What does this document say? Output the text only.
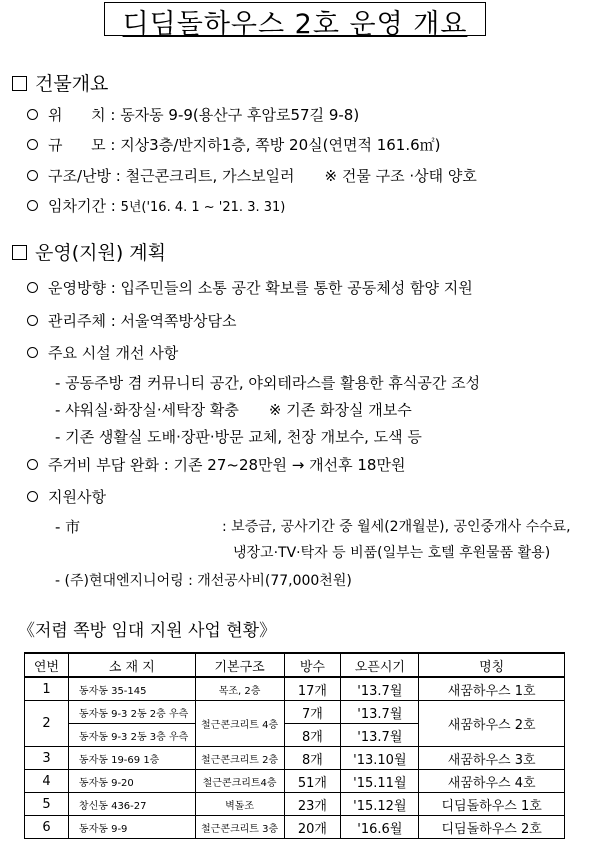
디딤돌하우스 2호 운영 개요
건물개요
위      치 : 동자동 9-9(용산구 후암로57길 9-8)
규      모 : 지상3층/반지하1층, 쪽방 20실(연면적 161.6㎡)
구조/난방 : 철근콘크리트, 가스보일러 ※ 건물 구조 ·상태 양호
임차기간 : 5년('16. 4. 1 ~ '21. 3. 31)
운영(지원) 계획
운영방향 : 입주민들의 소통 공간 확보를 통한 공동체성 함양 지원
관리주체 : 서울역쪽방상담소
주요 시설 개선 사항
- 공동주방 겸 커뮤니티 공간, 야외테라스를 활용한 휴식공간 조성
- 샤워실·화장실·세탁장 확충 ※ 기존 화장실 개보수
- 기존 생활실 도배·장판·방문 교체, 천장 개보수, 도색 등
주거비 부담 완화 : 기존 27~28만원 → 개선후 18만원
지원사항
- 市	: 보증금, 공사기간 중 월세(2개월분), 공인중개사 수수료,
냉장고·TV·탁자 등 비품(일부는 호텔 후원물품 활용)
- (주)현대엔지니어링 : 개선공사비(77,000천원)
《저렴 쪽방 임대 지원 사업 현황》
연번	소 재 지	기본구조	방수	오픈시기	명칭
1	동자동 35-145	목조, 2층	17개	'13.7월	새꿈하우스 1호
2	동자동 9-3 2동 2층 우측	철근콘크리트 4층	7개	'13.7월	새꿈하우스 2호
	동자동 9-3 2동 3층 우측		8개	'13.7월	
3	동자동 19-69 1층	철근콘크리트 2층	8개	'13.10월	새꿈하우스 3호
4	동자동 9-20	철근콘크리트4층	51개	'15.11월	새꿈하우스 4호
5	창신동 436-27	벽돌조	23개	'15.12월	디딤돌하우스 1호
6	동자동 9-9	철근콘크리트 3층	20개	'16.6월	디딤돌하우스 2호
